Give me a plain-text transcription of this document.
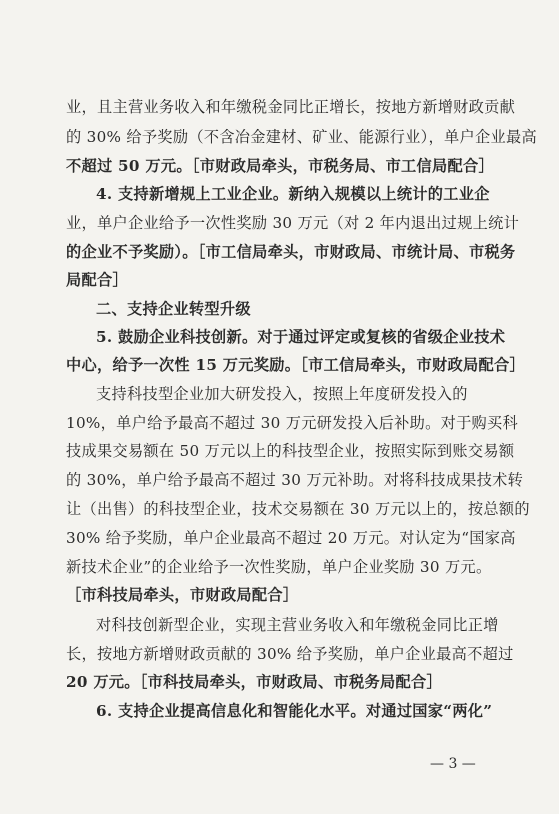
业，且主营业务收入和年缴税金同比正增长，按地方新增财政贡献
的 30% 给予奖励（不含冶金建材、矿业、能源行业），单户企业最高
不超过 50 万元。［市财政局牵头，市税务局、市工信局配合］
4. 支持新增规上工业企业。新纳入规模以上统计的工业企
业，单户企业给予一次性奖励 30 万元（对 2 年内退出过规上统计
的企业不予奖励）。［市工信局牵头，市财政局、市统计局、市税务
局配合］
二、支持企业转型升级
5. 鼓励企业科技创新。对于通过评定或复核的省级企业技术
中心，给予一次性 15 万元奖励。［市工信局牵头，市财政局配合］
支持科技型企业加大研发投入，按照上年度研发投入的
10%，单户给予最高不超过 30 万元研发投入后补助。对于购买科
技成果交易额在 50 万元以上的科技型企业，按照实际到账交易额
的 30%，单户给予最高不超过 30 万元补助。对将科技成果技术转
让（出售）的科技型企业，技术交易额在 30 万元以上的，按总额的
30% 给予奖励，单户企业最高不超过 20 万元。对认定为“国家高
新技术企业”的企业给予一次性奖励，单户企业奖励 30 万元。
［市科技局牵头，市财政局配合］
对科技创新型企业，实现主营业务收入和年缴税金同比正增
长，按地方新增财政贡献的 30% 给予奖励，单户企业最高不超过
20 万元。［市科技局牵头，市财政局、市税务局配合］
6. 支持企业提高信息化和智能化水平。对通过国家“两化”
— 3 —
